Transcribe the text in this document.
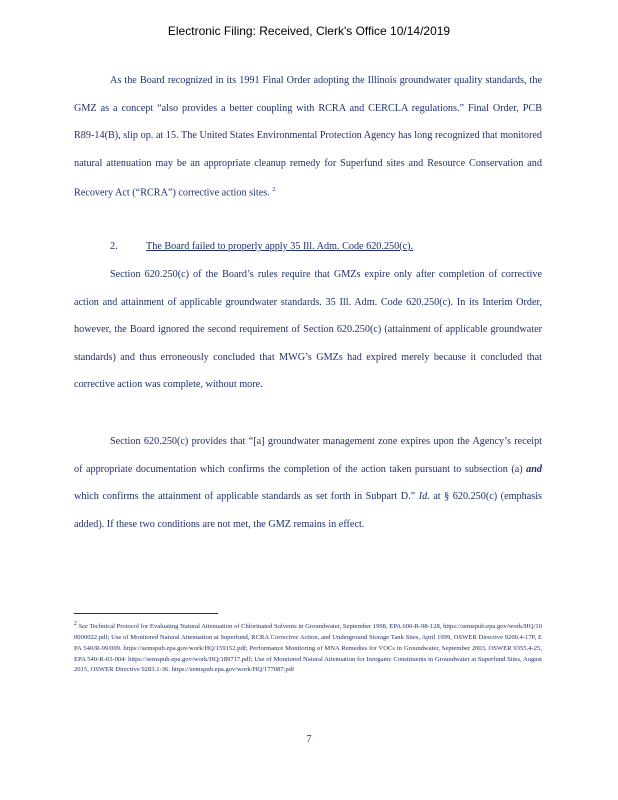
Electronic Filing: Received, Clerk's Office 10/14/2019
As the Board recognized in its 1991 Final Order adopting the Illinois groundwater quality standards, the GMZ as a concept “also provides a better coupling with RCRA and CERCLA regulations.” Final Order, PCB R89-14(B), slip op. at 15. The United States Environmental Protection Agency has long recognized that monitored natural attenuation may be an appropriate cleanup remedy for Superfund sites and Resource Conservation and Recovery Act (“RCRA”) corrective action sites. $^2$
2.	The Board failed to properly apply 35 Ill. Adm. Code 620.250(c).
Section 620.250(c) of the Board’s rules require that GMZs expire only after completion of corrective action and attainment of applicable groundwater standards. 35 Ill. Adm. Code 620.250(c). In its Interim Order, however, the Board ignored the second requirement of Section 620.250(c) (attainment of applicable groundwater standards) and thus erroneously concluded that MWG’s GMZs had expired merely because it concluded that corrective action was complete, without more.
Section 620.250(c) provides that “[a] groundwater management zone expires upon the Agency’s receipt of appropriate documentation which confirms the completion of the action taken pursuant to subsection (a) and which confirms the attainment of applicable standards as set forth in Subpart D.” Id. at § 620.250(c) (emphasis added). If these two conditions are not met, the GMZ remains in effect.
2 See Technical Protocol for Evaluating Natural Attenuation of Chlorinated Solvents in Groundwater, September 1998, EPA 600-R-98-128, https://semspub.epa.gov/work/HQ/100000022.pdf; Use of Monitored Natural Attenuation at Superfund, RCRA Corrective Action, and Underground Storage Tank Sites, April 1999, OSWER Directive 9200.4-17P, EPA 540/R-99/009. https://semspub.epa.gov/work/HQ/159152.pdf; Performance Monitoring of MNA Remedies for VOCs in Groundwater, September 2003, OSWER 9355.4-25, EPA 540-R-03-004: https://semspub.epa.gov/work/HQ/189717.pdf; Use of Monitored Natural Attenuation for Inorganic Constituents in Groundwater at Superfund Sites, August 2015, OSWER Directive 9283.1-36. https://semspub.epa.gov/work/HQ/177087.pdf
7
